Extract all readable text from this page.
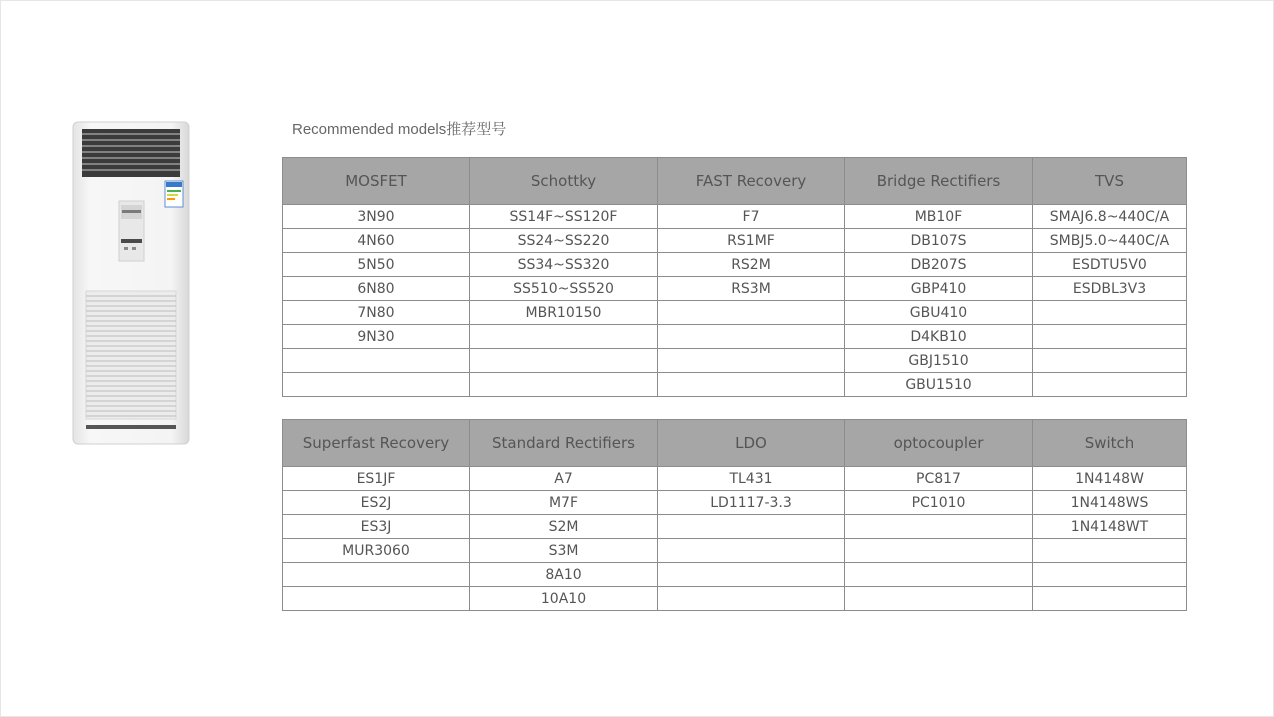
Recommended models推荐型号
MOSFET	Schottky	FAST Recovery	Bridge Rectifiers	TVS
3N90	SS14F~SS120F	F7	MB10F	SMAJ6.8~440C/A
4N60	SS24~SS220	RS1MF	DB107S	SMBJ5.0~440C/A
5N50	SS34~SS320	RS2M	DB207S	ESDTU5V0
6N80	SS510~SS520	RS3M	GBP410	ESDBL3V3
7N80	MBR10150		GBU410	
9N30			D4KB10	
			GBJ1510	
			GBU1510	
Superfast Recovery	Standard Rectifiers	LDO	optocoupler	Switch
ES1JF	A7	TL431	PC817	1N4148W
ES2J	M7F	LD1117-3.3	PC1010	1N4148WS
ES3J	S2M			1N4148WT
MUR3060	S3M			
	8A10			
	10A10			
